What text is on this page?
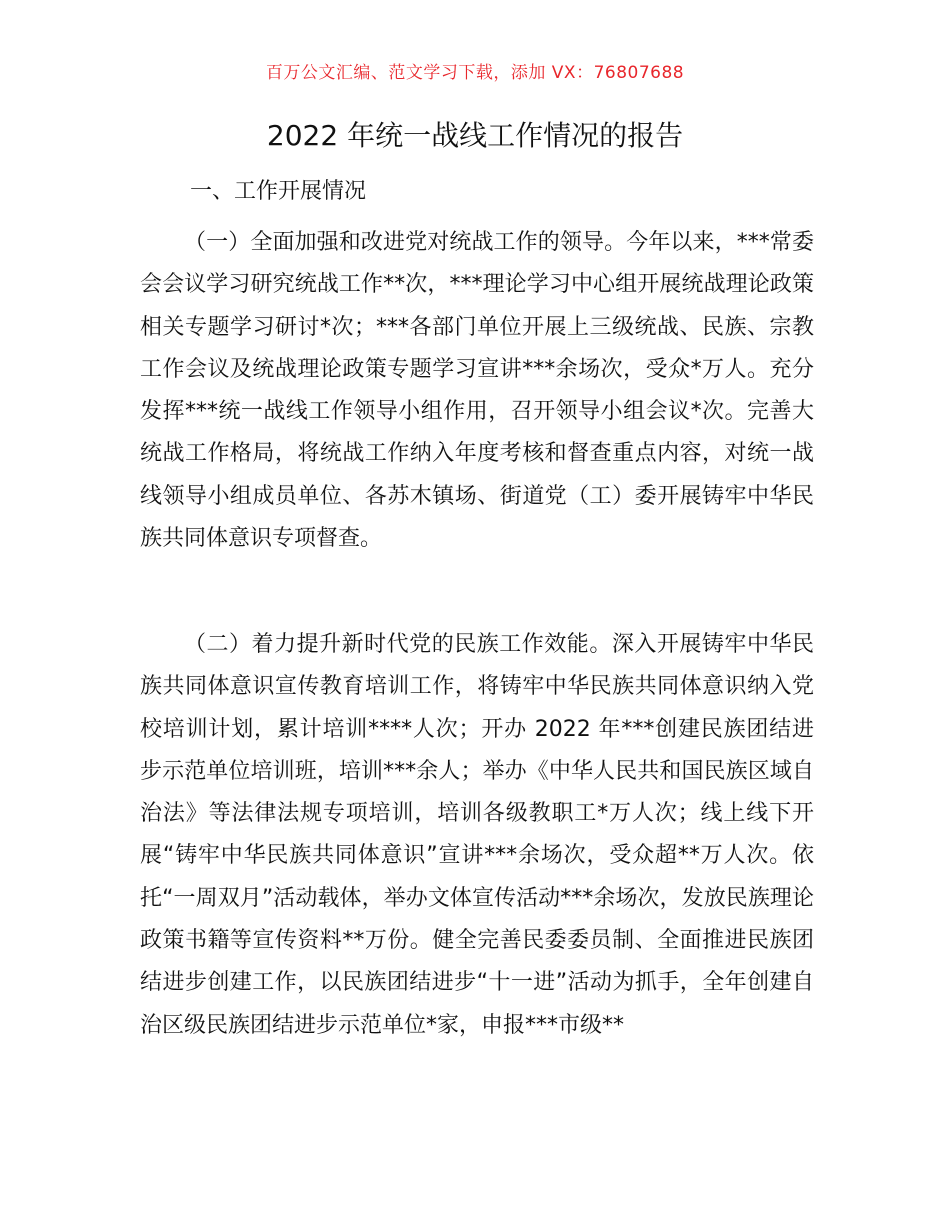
百万公文汇编、范文学习下载，添加 VX：76807688
2022 年统一战线工作情况的报告
一、工作开展情况

（一）全面加强和改进党对统战工作的领导。今年以来，***常委会会议学习研究统战工作**次，***理论学习中心组开展统战理论政策相关专题学习研讨*次；***各部门单位开展上三级统战、民族、宗教工作会议及统战理论政策专题学习宣讲***余场次，受众*万人。充分发挥***统一战线工作领导小组作用，召开领导小组会议*次。完善大统战工作格局，将统战工作纳入年度考核和督查重点内容，对统一战线领导小组成员单位、各苏木镇场、街道党（工）委开展铸牢中华民族共同体意识专项督查。

（二）着力提升新时代党的民族工作效能。深入开展铸牢中华民族共同体意识宣传教育培训工作，将铸牢中华民族共同体意识纳入党校培训计划，累计培训****人次；开办 2022 年***创建民族团结进步示范单位培训班，培训***余人；举办《中华人民共和国民族区域自治法》等法律法规专项培训，培训各级教职工*万人次；线上线下开展“铸牢中华民族共同体意识”宣讲***余场次，受众超**万人次。依托“一周双月”活动载体，举办文体宣传活动***余场次，发放民族理论政策书籍等宣传资料**万份。健全完善民委委员制、全面推进民族团结进步创建工作，以民族团结进步“十一进”活动为抓手，全年创建自治区级民族团结进步示范单位*家，申报***市级**
